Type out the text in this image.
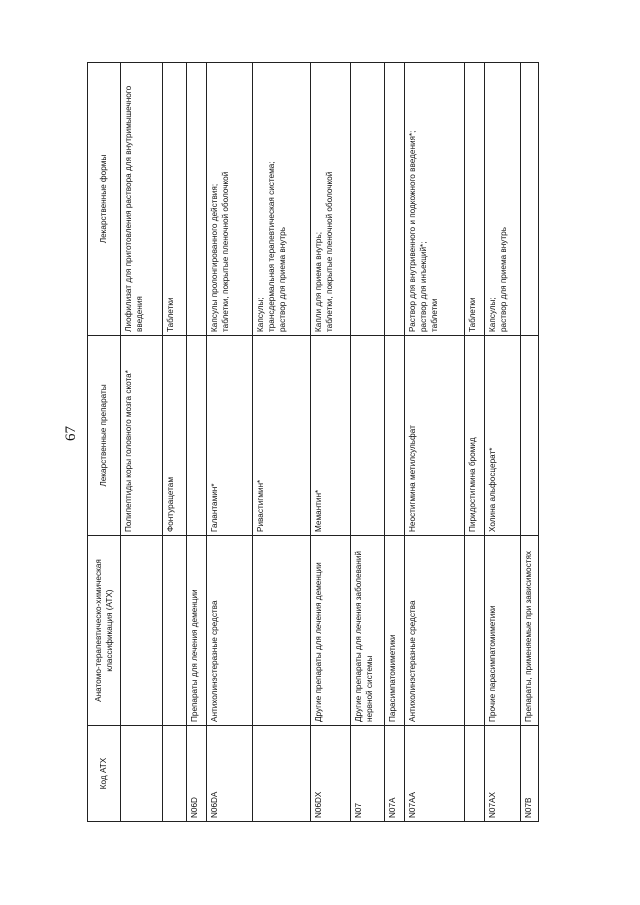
67
Код АТХ	Анатомо-терапевтическо-химическая классификация (АТХ)	Лекарственные препараты	Лекарственные формы
		Полипептиды коры головного мозга скота*	Лиофилизат для приготовления раствора для внутримышечного введения
		Фонтурацетам	Таблетки
N06D	Препараты для лечения деменции		
N06DA	Антихолинэстеразные средства	Галантамин*	Капсулы пролонгированного действия;
таблетки, покрытые пленочной оболочкой
		Ривастигмин*	Капсулы;
трансдермальная терапевтическая система;
раствор для приема внутрь
N06DX	Другие препараты для лечения деменции	Мемантин*	Капли для приема внутрь;
таблетки, покрытые пленочной оболочкой
N07	Другие препараты для лечения заболеваний нервной системы		
N07A	Парасимпатомиметики		
N07AA	Антихолинэстеразные средства	Неостигмина метилсульфат	Раствор для внутривенного и подкожного введения*;
раствор для инъекций*;
таблетки
		Пиридостигмина бромид	Таблетки
N07AX	Прочие парасимпатомиметики	Холина альфосцерат*	Капсулы;
раствор для приема внутрь
N07B	Препараты, применяемые при зависимостях		
